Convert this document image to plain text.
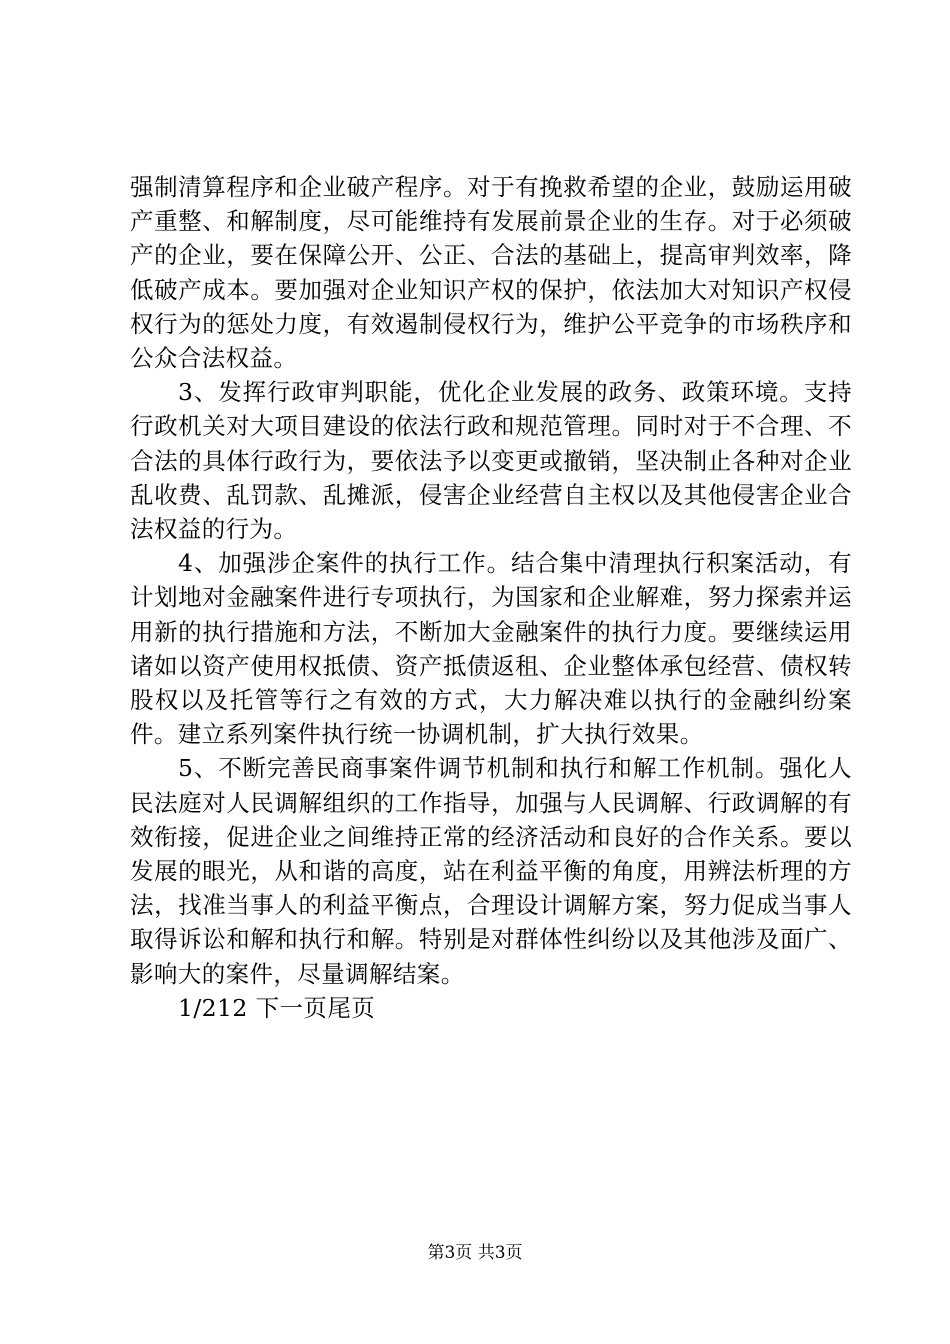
强制清算程序和企业破产程序。对于有挽救希望的企业，鼓励运用破产重整、和解制度，尽可能维持有发展前景企业的生存。对于必须破产的企业，要在保障公开、公正、合法的基础上，提高审判效率，降低破产成本。要加强对企业知识产权的保护，依法加大对知识产权侵权行为的惩处力度，有效遏制侵权行为，维护公平竞争的市场秩序和公众合法权益。

3、发挥行政审判职能，优化企业发展的政务、政策环境。支持行政机关对大项目建设的依法行政和规范管理。同时对于不合理、不合法的具体行政行为，要依法予以变更或撤销，坚决制止各种对企业乱收费、乱罚款、乱摊派，侵害企业经营自主权以及其他侵害企业合法权益的行为。

4、加强涉企案件的执行工作。结合集中清理执行积案活动，有计划地对金融案件进行专项执行，为国家和企业解难，努力探索并运用新的执行措施和方法，不断加大金融案件的执行力度。要继续运用诸如以资产使用权抵债、资产抵债返租、企业整体承包经营、债权转股权以及托管等行之有效的方式，大力解决难以执行的金融纠纷案件。建立系列案件执行统一协调机制，扩大执行效果。

5、不断完善民商事案件调节机制和执行和解工作机制。强化人民法庭对人民调解组织的工作指导，加强与人民调解、行政调解的有效衔接，促进企业之间维持正常的经济活动和良好的合作关系。要以发展的眼光，从和谐的高度，站在利益平衡的角度，用辨法析理的方法，找准当事人的利益平衡点，合理设计调解方案，努力促成当事人取得诉讼和解和执行和解。特别是对群体性纠纷以及其他涉及面广、影响大的案件，尽量调解结案。

1/212 下一页尾页

第3页 共3页
